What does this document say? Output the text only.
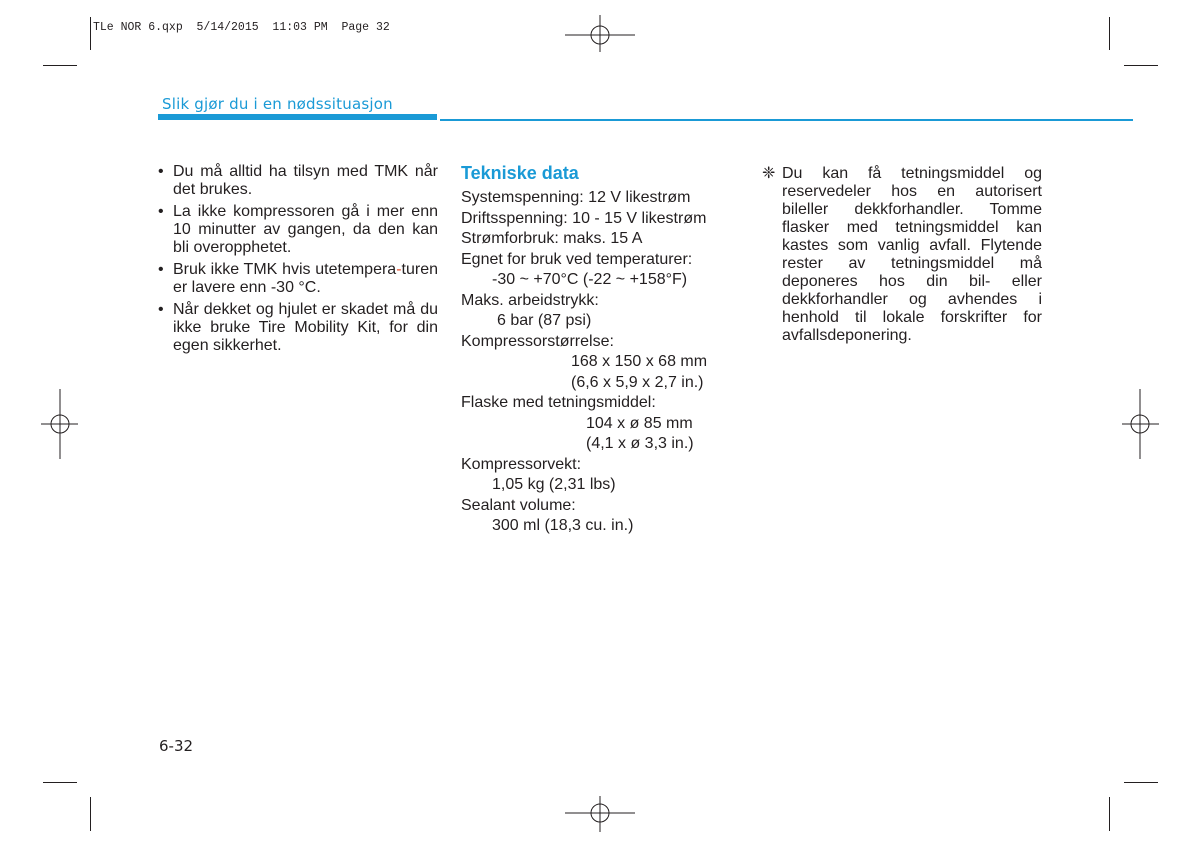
TLe NOR 6.qxp  5/14/2015  11:03 PM  Page 32
Slik gjør du i en nødssituasjon
• Du må alltid ha tilsyn med TMK når det brukes.
• La ikke kompressoren gå i mer enn 10 minutter av gangen, da den kan bli overopphetet.
• Bruk ikke TMK hvis utetempera-turen er lavere enn -30 °C.
• Når dekket og hjulet er skadet må du ikke bruke Tire Mobility Kit, for din egen sikkerhet.
Tekniske data
Systemspenning: 12 V likestrøm
Driftsspenning: 10 - 15 V likestrøm
Strømforbruk: maks. 15 A
Egnet for bruk ved temperaturer:
-30 ~ +70°C (-22 ~ +158°F)
Maks. arbeidstrykk:
6 bar (87 psi)
Kompressorstørrelse:
168 x 150 x 68 mm
(6,6 x 5,9 x 2,7 in.)
Flaske med tetningsmiddel:
104 x ø 85 mm
(4,1 x ø 3,3 in.)
Kompressorvekt:
1,05 kg (2,31 lbs)
Sealant volume:
300 ml (18,3 cu. in.)
❈ Du kan få tetningsmiddel og
reservedeler hos en autorisert
bileller dekkforhandler. Tomme
flasker med tetningsmiddel kan
kastes som vanlig avfall. Flytende
rester av tetningsmiddel må
deponeres hos din bil- eller
dekkforhandler og avhendes i
henhold til lokale forskrifter for
avfallsdeponering.
6-32
